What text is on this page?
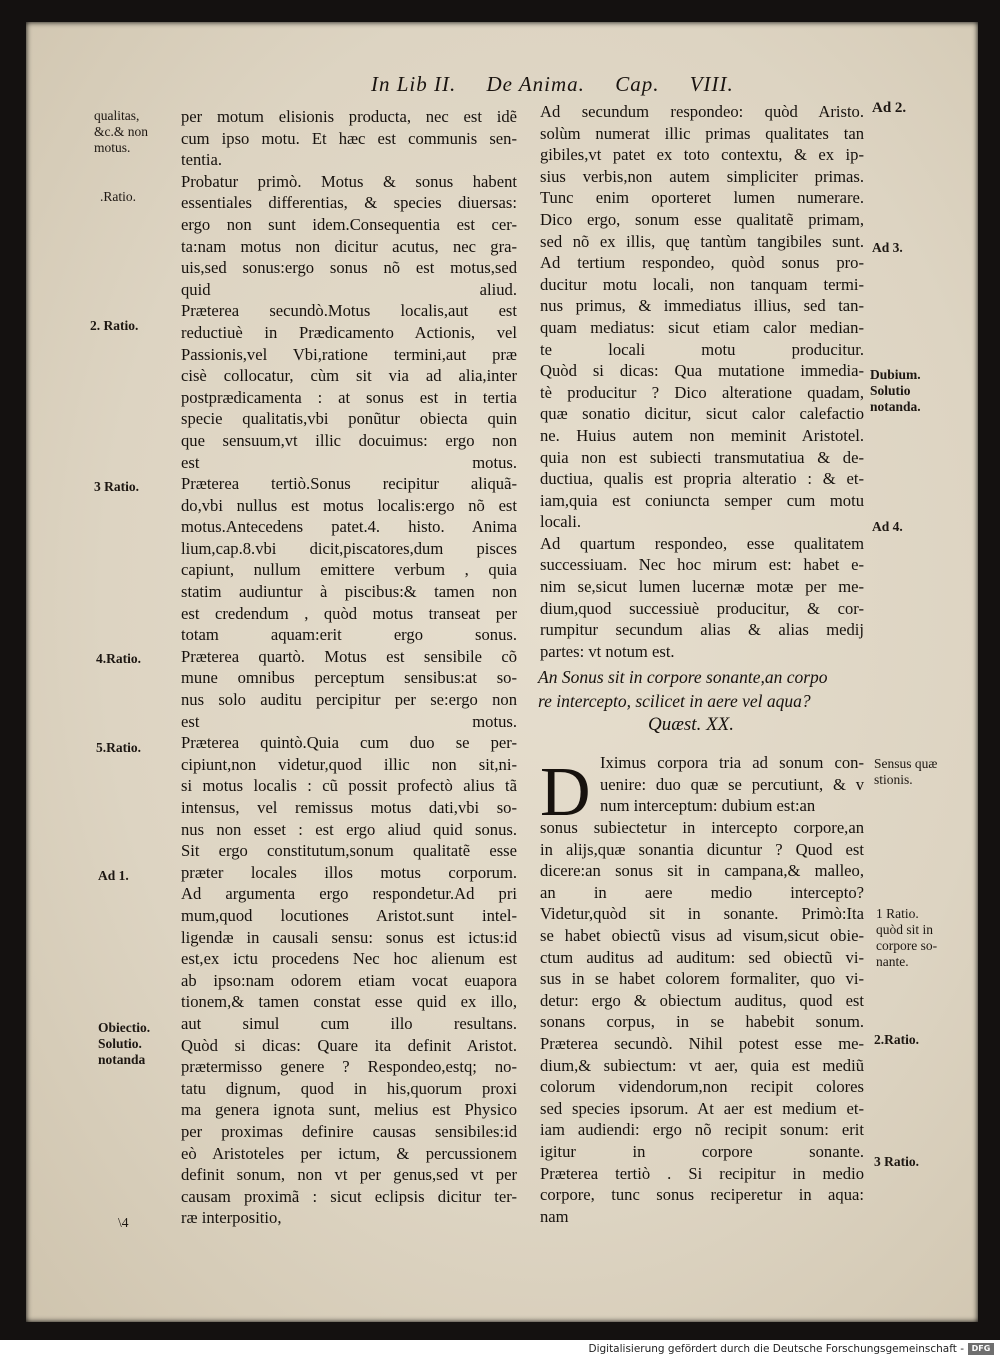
In Lib II. De Anima. Cap. VIII.
qualitas,
&c.& non
motus.
.Ratio.
2. Ratio.
3 Ratio.
4.Ratio.
5.Ratio.
Ad 1.
Obiectio.
Solutio.
notanda
\4
per motum elisionis producta, nec est idẽ
cum ipso motu. Et hæc est communis sen-
tentia.
Probatur primò. Motus & sonus habent
essentiales differentias, & species diuersas:
ergo non sunt idem.Consequentia est cer-
ta:nam motus non dicitur acutus, nec gra-
uis,sed sonus:ergo sonus nõ est motus,sed
quid aliud.
Præterea secundò.Motus localis,aut est
reductiuè in Prædicamento Actionis, vel
Passionis,vel Vbi,ratione termini,aut præ
cisè collocatur, cùm sit via ad alia,inter
postprædicamenta : at sonus est in tertia
specie qualitatis,vbi ponũtur obiecta quin
que sensuum,vt illic docuimus: ergo non
est motus.
Præterea tertiò.Sonus recipitur aliquã-
do,vbi nullus est motus localis:ergo nõ est
motus.Antecedens patet.4. histo. Anima
lium,cap.8.vbi dicit,piscatores,dum pisces
capiunt, nullum emittere verbum , quia
statim audiuntur à piscibus:& tamen non
est credendum , quòd motus transeat per
totam aquam:erit ergo sonus.
Præterea quartò. Motus est sensibile cõ
mune omnibus perceptum sensibus:at so-
nus solo auditu percipitur per se:ergo non
est motus.
Præterea quintò.Quia cum duo se per-
cipiunt,non videtur,quod illic non sit,ni-
si motus localis : cũ possit profectò alius tã
intensus, vel remissus motus dati,vbi so-
nus non esset : est ergo aliud quid sonus.
Sit ergo constitutum,sonum qualitatẽ esse
præter locales illos motus corporum.
Ad argumenta ergo respondetur.Ad pri
mum,quod locutiones Aristot.sunt intel-
ligendæ in causali sensu: sonus est ictus:id
est,ex ictu procedens Nec hoc alienum est
ab ipso:nam odorem etiam vocat euapora
tionem,& tamen constat esse quid ex illo,
aut simul cum illo resultans.
Quòd si dicas: Quare ita definit Aristot.
prætermisso genere ? Respondeo,estq; no-
tatu dignum, quod in his,quorum proxi
ma genera ignota sunt, melius est Physico
per proximas definire causas sensibiles:id
eò Aristoteles per ictum, & percussionem
definit sonum, non vt per genus,sed vt per
causam proximã : sicut eclipsis dicitur ter-
ræ interpositio,
Ad secundum respondeo: quòd Aristo.
solùm numerat illic primas qualitates tan
gibiles,vt patet ex toto contextu, & ex ip-
sius verbis,non autem simpliciter primas.
Tunc enim oporteret lumen numerare.
Dico ergo, sonum esse qualitatẽ primam,
sed nõ ex illis, quę tantùm tangibiles sunt.
Ad tertium respondeo, quòd sonus pro-
ducitur motu locali, non tanquam termi-
nus primus, & immediatus illius, sed tan-
quam mediatus: sicut etiam calor median-
te locali motu producitur.
Quòd si dicas: Qua mutatione immedia-
tè producitur ? Dico alteratione quadam,
quæ sonatio dicitur, sicut calor calefactio
ne. Huius autem non meminit Aristotel.
quia non est subiecti transmutatiua & de-
ductiua, qualis est propria alteratio : & et-
iam,quia est coniuncta semper cum motu
locali.
Ad quartum respondeo, esse qualitatem
successiuam. Nec hoc mirum est: habet e-
nim se,sicut lumen lucernæ motæ per me-
dium,quod successiuè producitur, & cor-
rumpitur secundum alias & alias medij
partes: vt notum est.
An Sonus sit in corpore sonante,an corpo
re intercepto, scilicet in aere vel aqua?
Quæst. XX.
D Iximus corpora tria ad sonum con-
uenire: duo quæ se percutiunt, & v
num interceptum: dubium est:an
sonus subiectetur in intercepto corpore,an
in alijs,quæ sonantia dicuntur ? Quod est
dicere:an sonus sit in campana,& malleo,
an in aere medio intercepto?
Videtur,quòd sit in sonante. Primò:Ita
se habet obiectũ visus ad visum,sicut obie-
ctum auditus ad auditum: sed obiectũ vi-
sus in se habet colorem formaliter, quo vi-
detur: ergo & obiectum auditus, quod est
sonans corpus, in se habebit sonum.
Præterea secundò. Nihil potest esse me-
dium,& subiectum: vt aer, quia est mediũ
colorum videndorum,non recipit colores
sed species ipsorum. At aer est medium et-
iam audiendi: ergo nõ recipit sonum: erit
igitur in corpore sonante.
Præterea tertiò . Si recipitur in medio
corpore, tunc sonus reciperetur in aqua:
nam
Ad 2.
Ad 3.
Dubium.
Solutio
notanda.
Ad 4.
Sensus quæ
stionis.
1 Ratio.
quòd sit in
corpore so-
nante.
2.Ratio.
3 Ratio.
Digitalisierung gefördert durch die Deutsche Forschungsgemeinschaft - DFG
